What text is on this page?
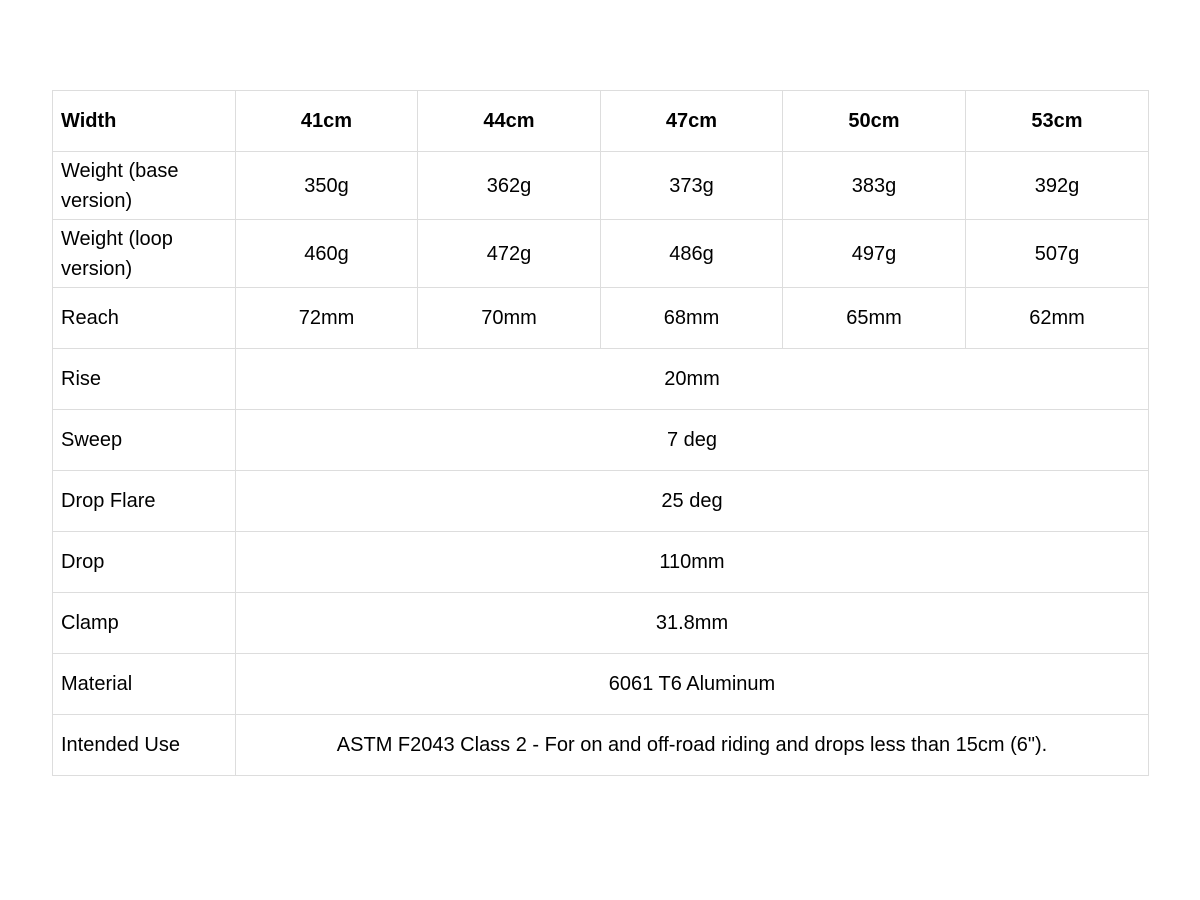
Width	41cm	44cm	47cm	50cm	53cm
Weight (base version)	350g	362g	373g	383g	392g
Weight (loop version)	460g	472g	486g	497g	507g
Reach	72mm	70mm	68mm	65mm	62mm
Rise	20mm				
Sweep	7 deg				
Drop Flare	25 deg				
Drop	110mm				
Clamp	31.8mm				
Material	6061 T6 Aluminum				
Intended Use	ASTM F2043 Class 2 - For on and off-road riding and drops less than 15cm (6").				
